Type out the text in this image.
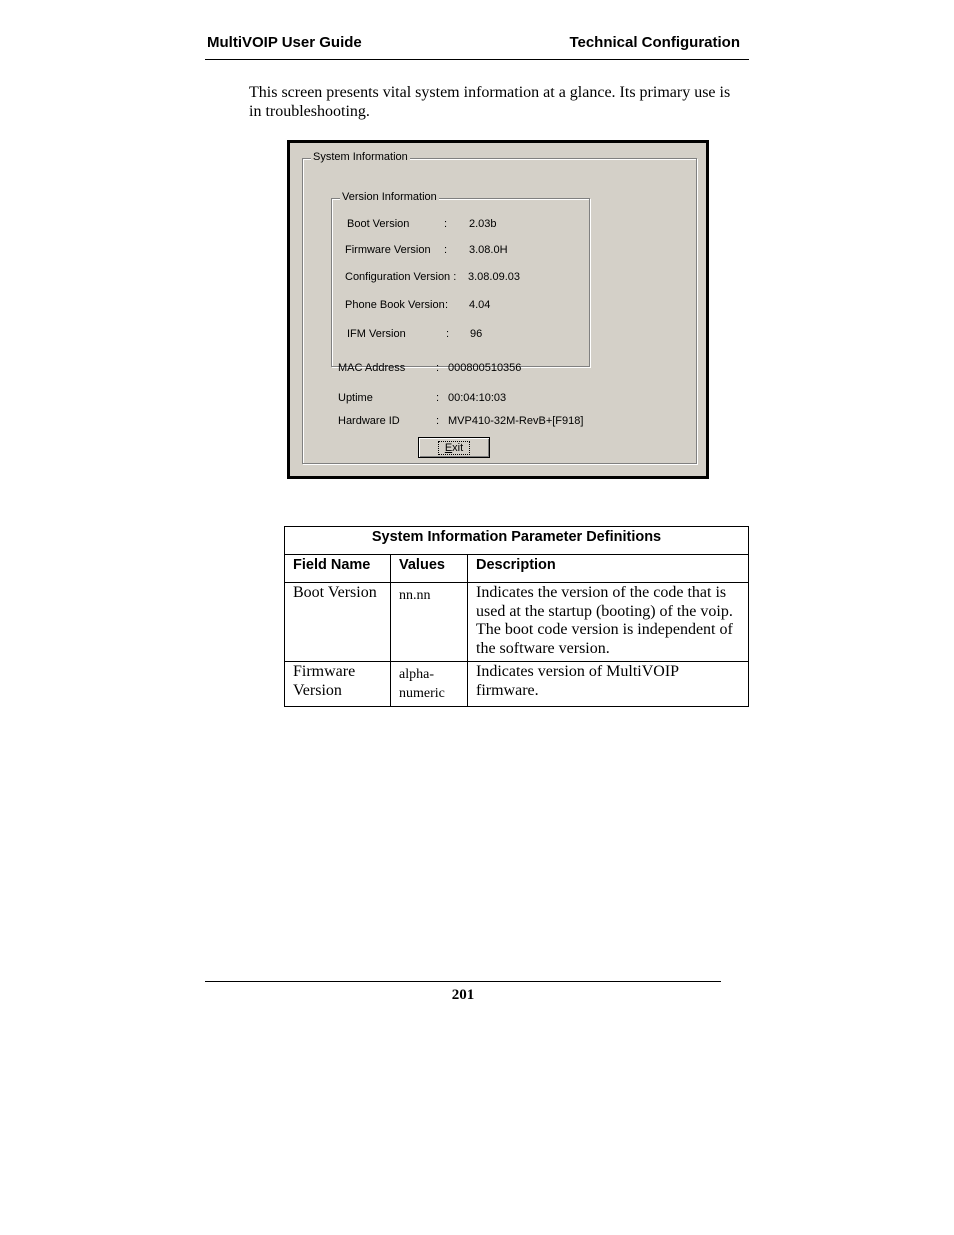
MultiVOIP User Guide	Technical Configuration

This screen presents vital system information at a glance. Its primary use is in troubleshooting.

System Information
Version Information
Boot Version	: 2.03b
Firmware Version : 3.08.0H
Configuration Version : 3.08.09.03
Phone Book Version : 4.04
IFM Version	: 96
MAC Address	: 000800510356
Uptime	: 00:04:10:03
Hardware ID	: MVP410-32M-RevB+[F918]
Exit
System Information Parameter Definitions		
Field Name	Values	Description
Boot Version	nn.nn	Indicates the version of the code that is used at the startup (booting) of the voip. The boot code version is independent of the software version.
Firmware Version	alpha-numeric	Indicates version of MultiVOIP firmware.
201
